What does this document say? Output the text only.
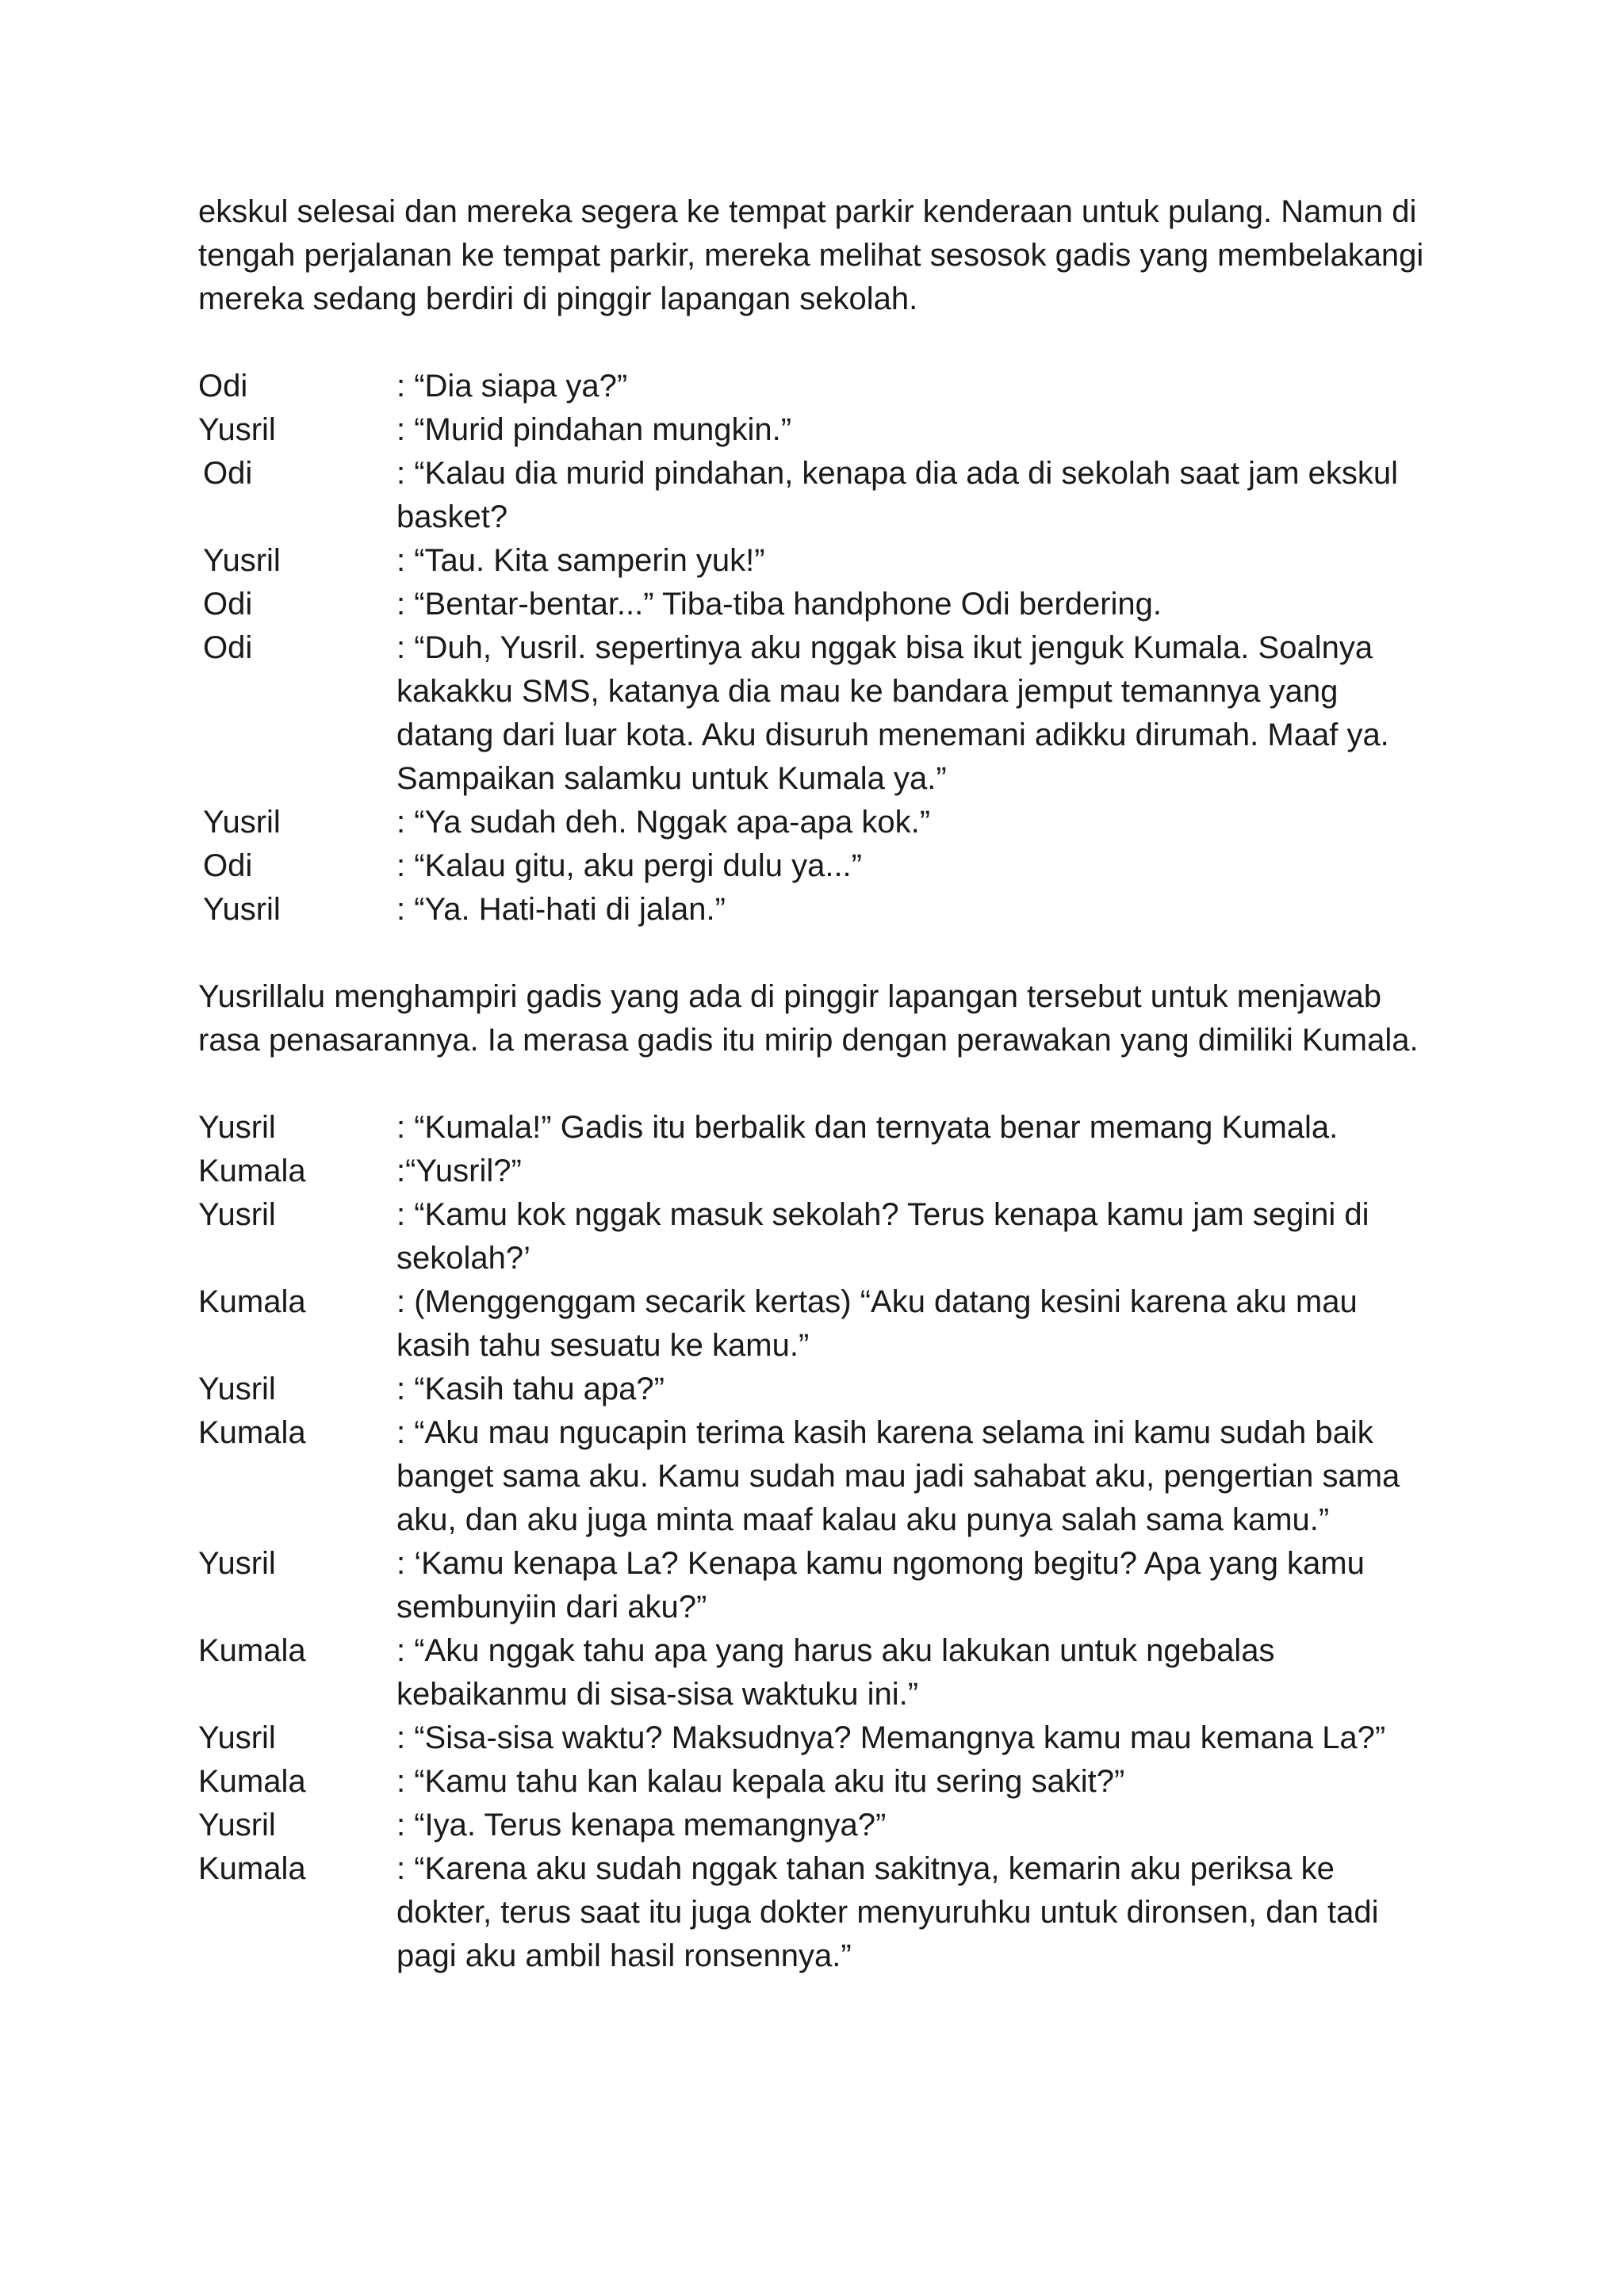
ekskul selesai dan mereka segera ke tempat parkir kenderaan untuk pulang. Namun di tengah perjalanan ke tempat parkir, mereka melihat sesosok gadis yang membelakangi mereka sedang berdiri di pinggir lapangan sekolah.

Odi	: “Dia siapa ya?”
Yusril	: “Murid pindahan mungkin.”
Odi	: “Kalau dia murid pindahan, kenapa dia ada di sekolah saat jam ekskul basket?
Yusril	: “Tau. Kita samperin yuk!”
Odi	: “Bentar-bentar...” Tiba-tiba handphone Odi berdering.
Odi	: “Duh, Yusril. sepertinya aku nggak bisa ikut jenguk Kumala. Soalnya kakakku SMS, katanya dia mau ke bandara jemput temannya yang datang dari luar kota. Aku disuruh menemani adikku dirumah. Maaf ya. Sampaikan salamku untuk Kumala ya.”
Yusril	: “Ya sudah deh. Nggak apa-apa kok.”
Odi	: “Kalau gitu, aku pergi dulu ya...”
Yusril	: “Ya. Hati-hati di jalan.”

Yusrillalu menghampiri gadis yang ada di pinggir lapangan tersebut untuk menjawab rasa penasarannya. Ia merasa gadis itu mirip dengan perawakan yang dimiliki Kumala.

Yusril	: “Kumala!” Gadis itu berbalik dan ternyata benar memang Kumala.
Kumala	:“Yusril?”
Yusril	: “Kamu kok nggak masuk sekolah? Terus kenapa kamu jam segini di sekolah?’
Kumala	: (Menggenggam secarik kertas) “Aku datang kesini karena aku mau kasih tahu sesuatu ke kamu.”
Yusril	: “Kasih tahu apa?”
Kumala	: “Aku mau ngucapin terima kasih karena selama ini kamu sudah baik banget sama aku. Kamu sudah mau jadi sahabat aku, pengertian sama aku, dan aku juga minta maaf kalau aku punya salah sama kamu.”
Yusril	: ‘Kamu kenapa La? Kenapa kamu ngomong begitu? Apa yang kamu sembunyiin dari aku?”
Kumala	: “Aku nggak tahu apa yang harus aku lakukan untuk ngebalas kebaikanmu di sisa-sisa waktuku ini.”
Yusril	: “Sisa-sisa waktu? Maksudnya? Memangnya kamu mau kemana La?”
Kumala	: “Kamu tahu kan kalau kepala aku itu sering sakit?”
Yusril	: “Iya. Terus kenapa memangnya?”
Kumala	: “Karena aku sudah nggak tahan sakitnya, kemarin aku periksa ke dokter, terus saat itu juga dokter menyuruhku untuk dironsen, dan tadi pagi aku ambil hasil ronsennya.”
